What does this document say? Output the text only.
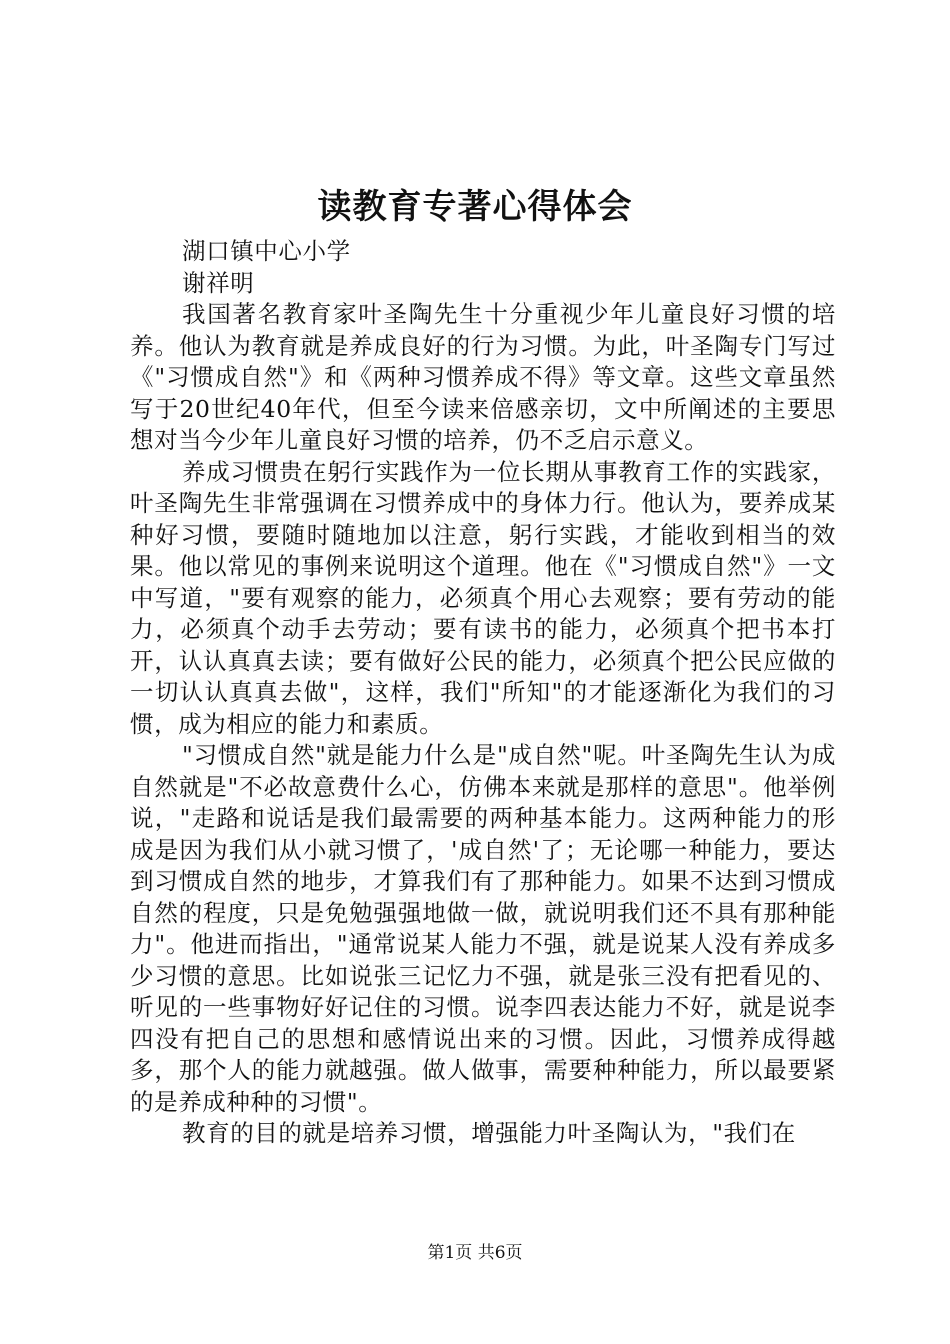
读教育专著心得体会

湖口镇中心小学

谢祥明

我国著名教育家叶圣陶先生十分重视少年儿童良好习惯的培养。他认为教育就是养成良好的行为习惯。为此，叶圣陶专门写过《"习惯成自然"》和《两种习惯养成不得》等文章。这些文章虽然写于20世纪40年代，但至今读来倍感亲切，文中所阐述的主要思想对当今少年儿童良好习惯的培养，仍不乏启示意义。

养成习惯贵在躬行实践作为一位长期从事教育工作的实践家，叶圣陶先生非常强调在习惯养成中的身体力行。他认为，要养成某种好习惯，要随时随地加以注意，躬行实践，才能收到相当的效果。他以常见的事例来说明这个道理。他在《"习惯成自然"》一文中写道，"要有观察的能力，必须真个用心去观察；要有劳动的能力，必须真个动手去劳动；要有读书的能力，必须真个把书本打开，认认真真去读；要有做好公民的能力，必须真个把公民应做的一切认认真真去做"，这样，我们"所知"的才能逐渐化为我们的习惯，成为相应的能力和素质。

"习惯成自然"就是能力什么是"成自然"呢。叶圣陶先生认为成自然就是"不必故意费什么心，仿佛本来就是那样的意思"。他举例说，"走路和说话是我们最需要的两种基本能力。这两种能力的形成是因为我们从小就习惯了，'成自然'了；无论哪一种能力，要达到习惯成自然的地步，才算我们有了那种能力。如果不达到习惯成自然的程度，只是免勉强强地做一做，就说明我们还不具有那种能力"。他进而指出，"通常说某人能力不强，就是说某人没有养成多少习惯的意思。比如说张三记忆力不强，就是张三没有把看见的、听见的一些事物好好记住的习惯。说李四表达能力不好，就是说李四没有把自己的思想和感情说出来的习惯。因此，习惯养成得越多，那个人的能力就越强。做人做事，需要种种能力，所以最要紧的是养成种种的习惯"。

教育的目的就是培养习惯，增强能力叶圣陶认为，"我们在

第1页 共6页
